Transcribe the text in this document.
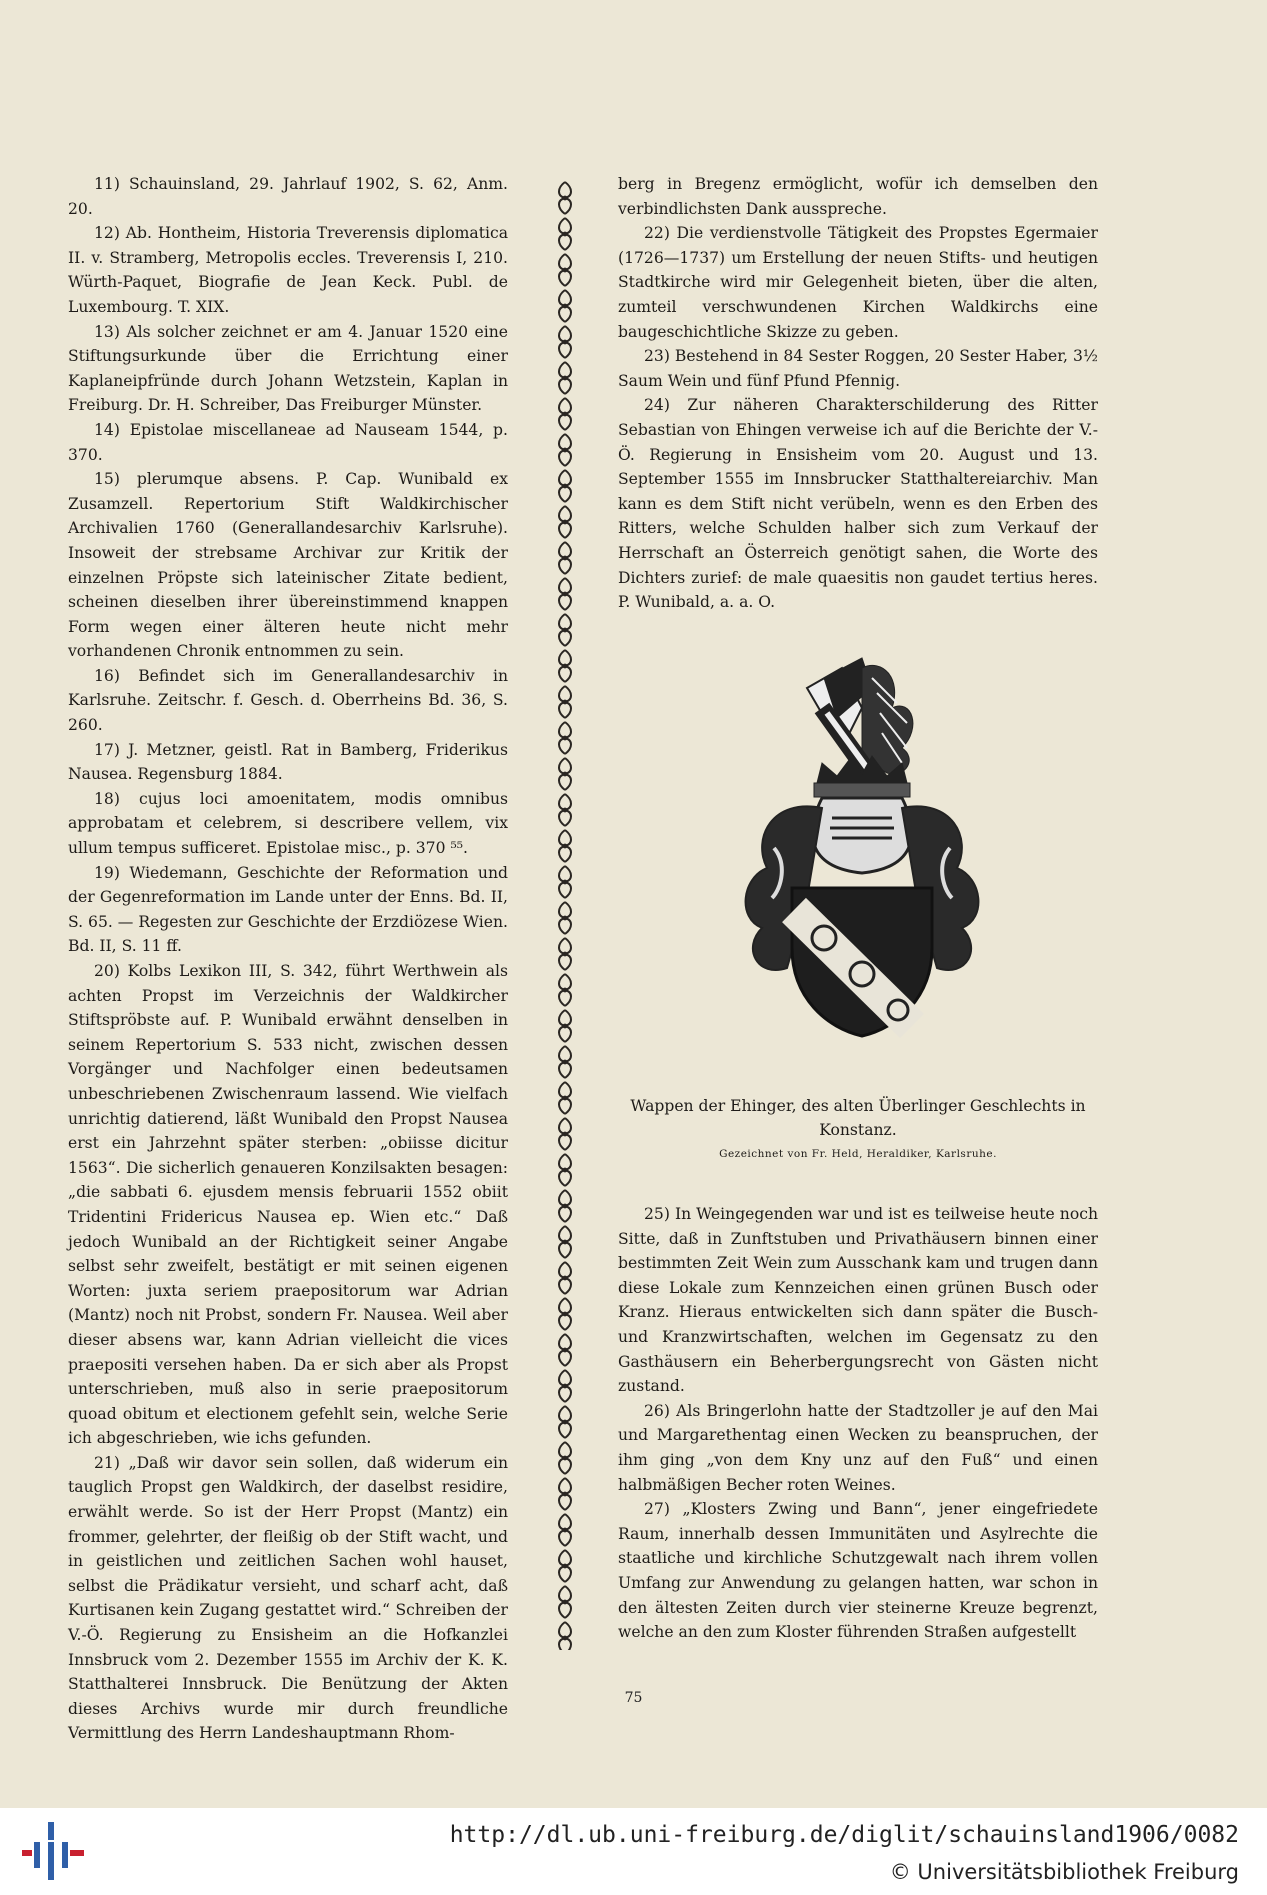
11) Schauinsland, 29. Jahrlauf 1902, S. 62, Anm. 20.

12) Ab. Hontheim, Historia Treverensis diplomatica II. v. Stramberg, Metropolis eccles. Treverensis I, 210. Würth-Paquet, Biografie de Jean Keck. Publ. de Luxembourg. T. XIX.

13) Als solcher zeichnet er am 4. Januar 1520 eine Stiftungsurkunde über die Errichtung einer Kaplaneipfründe durch Johann Wetzstein, Kaplan in Freiburg. Dr. H. Schreiber, Das Freiburger Münster.

14) Epistolae miscellaneae ad Nauseam 1544, p. 370.

15) plerumque absens. P. Cap. Wunibald ex Zusamzell. Repertorium Stift Waldkirchischer Archivalien 1760 (Generallandesarchiv Karlsruhe). Insoweit der strebsame Archivar zur Kritik der einzelnen Pröpste sich lateinischer Zitate bedient, scheinen dieselben ihrer übereinstimmend knappen Form wegen einer älteren heute nicht mehr vorhandenen Chronik entnommen zu sein.

16) Befindet sich im Generallandesarchiv in Karlsruhe. Zeitschr. f. Gesch. d. Oberrheins Bd. 36, S. 260.

17) J. Metzner, geistl. Rat in Bamberg, Friderikus Nausea. Regensburg 1884.

18) cujus loci amoenitatem, modis omnibus approbatam et celebrem, si describere vellem, vix ullum tempus sufficeret. Epistolae misc., p. 370 ⁵⁵.

19) Wiedemann, Geschichte der Reformation und der Gegenreformation im Lande unter der Enns. Bd. II, S. 65. — Regesten zur Geschichte der Erzdiözese Wien. Bd. II, S. 11 ff.

20) Kolbs Lexikon III, S. 342, führt Werthwein als achten Propst im Verzeichnis der Waldkircher Stiftspröbste auf. P. Wunibald erwähnt denselben in seinem Repertorium S. 533 nicht, zwischen dessen Vorgänger und Nachfolger einen bedeutsamen unbeschriebenen Zwischenraum lassend. Wie vielfach unrichtig datierend, läßt Wunibald den Propst Nausea erst ein Jahrzehnt später sterben: „obiisse dicitur 1563“. Die sicherlich genaueren Konzilsakten besagen: „die sabbati 6. ejusdem mensis februarii 1552 obiit Tridentini Fridericus Nausea ep. Wien etc.“ Daß jedoch Wunibald an der Richtigkeit seiner Angabe selbst sehr zweifelt, bestätigt er mit seinen eigenen Worten: juxta seriem praepositorum war Adrian (Mantz) noch nit Probst, sondern Fr. Nausea. Weil aber dieser absens war, kann Adrian vielleicht die vices praepositi versehen haben. Da er sich aber als Propst unterschrieben, muß also in serie praepositorum quoad obitum et electionem gefehlt sein, welche Serie ich abgeschrieben, wie ichs gefunden.

21) „Daß wir davor sein sollen, daß widerum ein tauglich Propst gen Waldkirch, der daselbst residire, erwählt werde. So ist der Herr Propst (Mantz) ein frommer, gelehrter, der fleißig ob der Stift wacht, und in geistlichen und zeitlichen Sachen wohl hauset, selbst die Prädikatur versieht, und scharf acht, daß Kurtisanen kein Zugang gestattet wird.“ Schreiben der V.-Ö. Regierung zu Ensisheim an die Hofkanzlei Innsbruck vom 2. Dezember 1555 im Archiv der K. K. Statthalterei Innsbruck. Die Benützung der Akten dieses Archivs wurde mir durch freundliche Vermittlung des Herrn Landeshauptmann Rhom-

berg in Bregenz ermöglicht, wofür ich demselben den verbindlichsten Dank ausspreche.

22) Die verdienstvolle Tätigkeit des Propstes Egermaier (1726—1737) um Erstellung der neuen Stifts- und heutigen Stadtkirche wird mir Gelegenheit bieten, über die alten, zumteil verschwundenen Kirchen Waldkirchs eine baugeschichtliche Skizze zu geben.

23) Bestehend in 84 Sester Roggen, 20 Sester Haber, 3½ Saum Wein und fünf Pfund Pfennig.

24) Zur näheren Charakterschilderung des Ritter Sebastian von Ehingen verweise ich auf die Berichte der V.-Ö. Regierung in Ensisheim vom 20. August und 13. September 1555 im Innsbrucker Statthaltereiarchiv. Man kann es dem Stift nicht verübeln, wenn es den Erben des Ritters, welche Schulden halber sich zum Verkauf der Herrschaft an Österreich genötigt sahen, die Worte des Dichters zurief: de male quaesitis non gaudet tertius heres. P. Wunibald, a. a. O.

Wappen der Ehinger, des alten Überlinger Geschlechts in Konstanz.
Gezeichnet von Fr. Held, Heraldiker, Karlsruhe.

25) In Weingegenden war und ist es teilweise heute noch Sitte, daß in Zunftstuben und Privathäusern binnen einer bestimmten Zeit Wein zum Ausschank kam und trugen dann diese Lokale zum Kennzeichen einen grünen Busch oder Kranz. Hieraus entwickelten sich dann später die Busch- und Kranzwirtschaften, welchen im Gegensatz zu den Gasthäusern ein Beherbergungsrecht von Gästen nicht zustand.

26) Als Bringerlohn hatte der Stadtzoller je auf den Mai und Margarethentag einen Wecken zu beanspruchen, der ihm ging „von dem Kny unz auf den Fuß“ und einen halbmäßigen Becher roten Weines.

27) „Klosters Zwing und Bann“, jener eingefriedete Raum, innerhalb dessen Immunitäten und Asylrechte die staatliche und kirchliche Schutzgewalt nach ihrem vollen Umfang zur Anwendung zu gelangen hatten, war schon in den ältesten Zeiten durch vier steinerne Kreuze begrenzt, welche an den zum Kloster führenden Straßen aufgestellt

75
http://dl.ub.uni-freiburg.de/diglit/schauinsland1906/0082
© Universitätsbibliothek Freiburg
